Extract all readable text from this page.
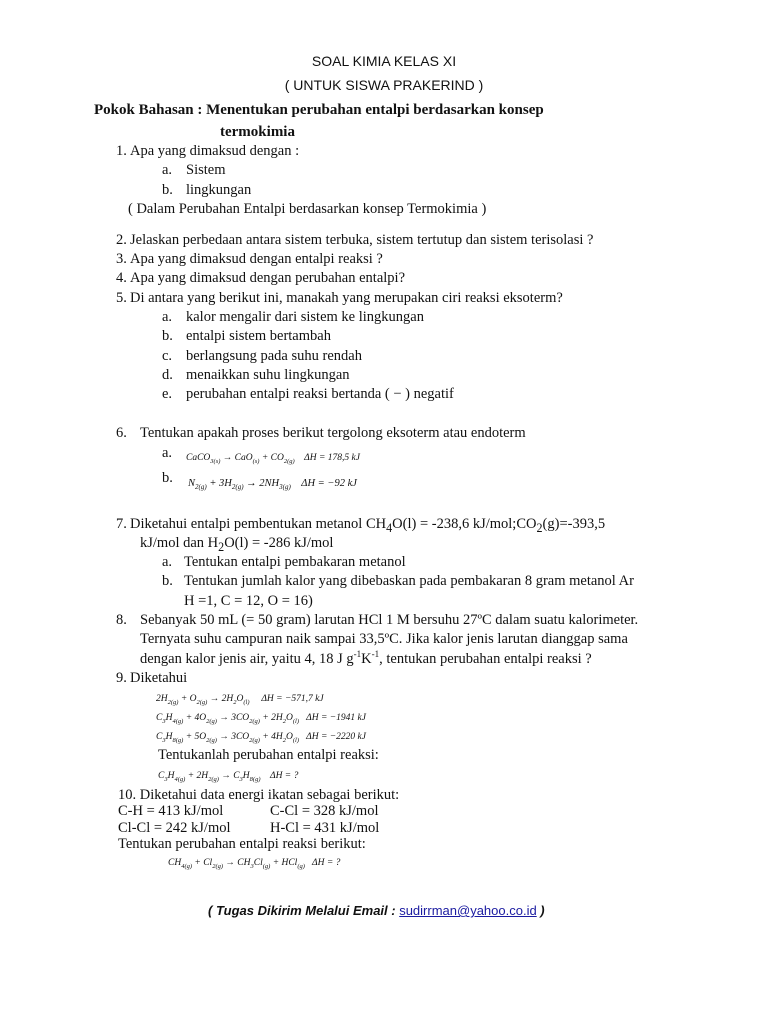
SOAL KIMIA KELAS XI
( UNTUK SISWA PRAKERIND )
Pokok Bahasan : Menentukan perubahan entalpi berdasarkan konsep
termokimia
1. Apa yang dimaksud dengan :
a. Sistem
b. lingkungan
( Dalam Perubahan Entalpi berdasarkan konsep Termokimia )
2. Jelaskan perbedaan antara sistem terbuka, sistem tertutup dan sistem terisolasi ?
3. Apa yang dimaksud dengan entalpi reaksi ?
4. Apa yang dimaksud dengan perubahan entalpi?
5. Di antara yang berikut ini, manakah yang merupakan ciri reaksi eksoterm?
a. kalor mengalir dari sistem ke lingkungan
b. entalpi sistem bertambah
c. berlangsung pada suhu rendah
d. menaikkan suhu lingkungan
e. perubahan entalpi reaksi bertanda ( − ) negatif
6. Tentukan apakah proses berikut tergolong eksoterm atau endoterm
a. CaCO$_{3(s)}$ → $CaO_{(s)} + CO_{2(g)}$ ΔH = 178,5 kJ
b. $N_{2(g)} + 3H_{2(g)} \to 2NH_{3(g)}$ ΔH = −92 kJ
7. Diketahui entalpi pembentukan metanol $CH_4O(l) = -238,6$ $kJ/mol;CO_2(g)=-393,5$
kJ/mol dan $H_2O(l) = -286$ kJ/mol
a. Tentukan entalpi pembakaran metanol
b. Tentukan jumlah kalor yang dibebaskan pada pembakaran 8 gram metanol Ar
H =1, C = 12, O = 16)
8. Sebanyak 50 mL (= 50 gram) larutan HCl 1 M bersuhu 27ºC dalam suatu kalorimeter.
Ternyata suhu campuran naik sampai 33,5ºC. Jika kalor jenis larutan dianggap sama
dengan kalor jenis air, yaitu 4, 18 J $g^{-1}K^{-1}$, tentukan perubahan entalpi reaksi ?
9. Diketahui
$2H_{2(g)} + O_{2(g)} \to 2H_2O_{(l)}$ ΔH = −571,7 kJ
$C_3H_{4(g)} + 4O_{2(g)} \to 3CO_{2(g)} + 2H_2O_{(l)}$ ΔH = −1941 kJ
$C_3H_{8(g)} + 5O_{2(g)} \to 3CO_{2(g)} + 4H_2O_{(l)}$ ΔH = −2220 kJ
Tentukanlah perubahan entalpi reaksi:
$C_3H_{4(g)} + 2H_{2(g)} \to C_3H_{8(g)}$ ΔH = ?
10. Diketahui data energi ikatan sebagai berikut:
C-H = 413 kJ/mol	C-Cl = 328 kJ/mol
Cl-Cl = 242 kJ/mol	H-Cl = 431 kJ/mol
Tentukan perubahan entalpi reaksi berikut:
$CH_{4(g)} + Cl_{2(g)} \to CH_3Cl_{(g)} + HCl_{(g)}$ ΔH = ?
( Tugas Dikirim Melalui Email : sudirrman@yahoo.co.id )
